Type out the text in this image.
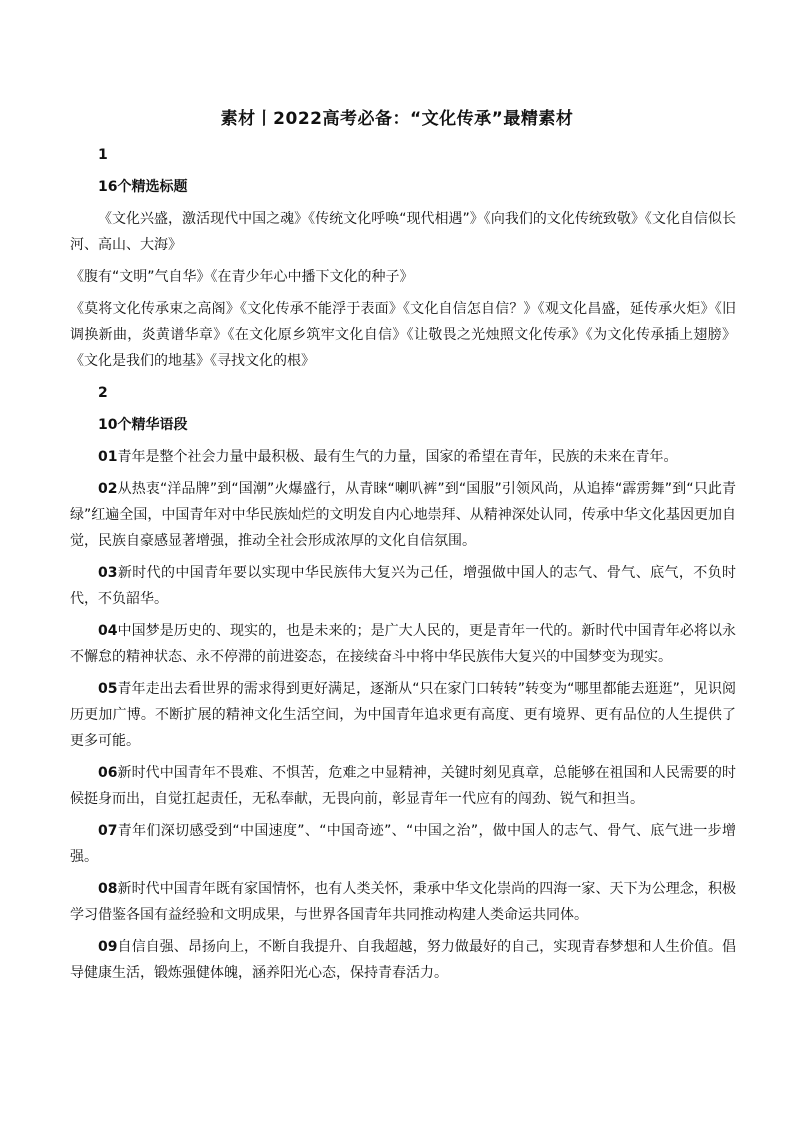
素材丨2022高考必备：“文化传承”最精素材
1
16个精选标题
《文化兴盛，激活现代中国之魂》《传统文化呼唤“现代相遇”》《向我们的文化传统致敬》《文化自信似长河、高山、大海》
《腹有“文明”气自华》《在青少年心中播下文化的种子》
《莫将文化传承束之高阁》《文化传承不能浮于表面》《文化自信怎自信？》《观文化昌盛，延传承火炬》《旧调换新曲，炎黄谱华章》《在文化原乡筑牢文化自信》《让敬畏之光烛照文化传承》《为文化传承插上翅膀》《文化是我们的地基》《寻找文化的根》
2
10个精华语段
01青年是整个社会力量中最积极、最有生气的力量，国家的希望在青年，民族的未来在青年。
02从热衷“洋品牌”到“国潮”火爆盛行，从青睐“喇叭裤”到“国服”引领风尚，从追捧“霹雳舞”到“只此青绿”红遍全国，中国青年对中华民族灿烂的文明发自内心地崇拜、从精神深处认同，传承中华文化基因更加自觉，民族自豪感显著增强，推动全社会形成浓厚的文化自信氛围。
03新时代的中国青年要以实现中华民族伟大复兴为己任，增强做中国人的志气、骨气、底气，不负时代，不负韶华。
04中国梦是历史的、现实的，也是未来的；是广大人民的，更是青年一代的。新时代中国青年必将以永不懈怠的精神状态、永不停滞的前进姿态，在接续奋斗中将中华民族伟大复兴的中国梦变为现实。
05青年走出去看世界的需求得到更好满足，逐渐从“只在家门口转转”转变为“哪里都能去逛逛”，见识阅历更加广博。不断扩展的精神文化生活空间，为中国青年追求更有高度、更有境界、更有品位的人生提供了更多可能。
06新时代中国青年不畏难、不惧苦，危难之中显精神，关键时刻见真章，总能够在祖国和人民需要的时候挺身而出，自觉扛起责任，无私奉献，无畏向前，彰显青年一代应有的闯劲、锐气和担当。
07青年们深切感受到“中国速度”、“中国奇迹”、“中国之治”，做中国人的志气、骨气、底气进一步增强。
08新时代中国青年既有家国情怀，也有人类关怀，秉承中华文化崇尚的四海一家、天下为公理念，积极学习借鉴各国有益经验和文明成果，与世界各国青年共同推动构建人类命运共同体。
09自信自强、昂扬向上，不断自我提升、自我超越，努力做最好的自己，实现青春梦想和人生价值。倡导健康生活，锻炼强健体魄，涵养阳光心态，保持青春活力。
